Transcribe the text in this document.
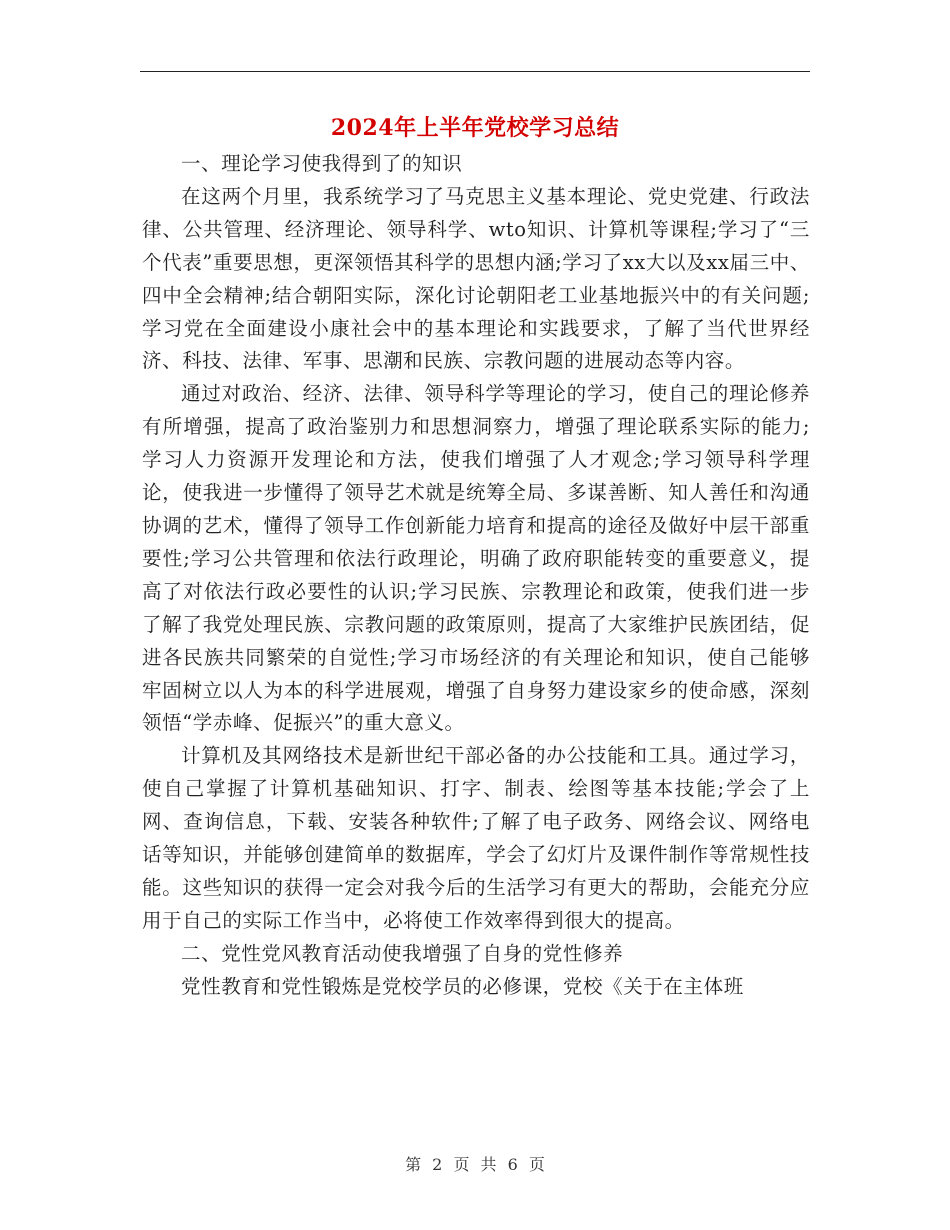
2024年上半年党校学习总结

一、理论学习使我得到了的知识

在这两个月里，我系统学习了马克思主义基本理论、党史党建、行政法律、公共管理、经济理论、领导科学、wto知识、计算机等课程;学习了“三个代表”重要思想，更深领悟其科学的思想内涵;学习了xx大以及xx届三中、四中全会精神;结合朝阳实际，深化讨论朝阳老工业基地振兴中的有关问题;学习党在全面建设小康社会中的基本理论和实践要求，了解了当代世界经济、科技、法律、军事、思潮和民族、宗教问题的进展动态等内容。

通过对政治、经济、法律、领导科学等理论的学习，使自己的理论修养有所增强，提高了政治鉴别力和思想洞察力，增强了理论联系实际的能力;学习人力资源开发理论和方法，使我们增强了人才观念;学习领导科学理论，使我进一步懂得了领导艺术就是统筹全局、多谋善断、知人善任和沟通协调的艺术，懂得了领导工作创新能力培育和提高的途径及做好中层干部重要性;学习公共管理和依法行政理论，明确了政府职能转变的重要意义，提高了对依法行政必要性的认识;学习民族、宗教理论和政策，使我们进一步了解了我党处理民族、宗教问题的政策原则，提高了大家维护民族团结，促进各民族共同繁荣的自觉性;学习市场经济的有关理论和知识，使自己能够牢固树立以人为本的科学进展观，增强了自身努力建设家乡的使命感，深刻领悟“学赤峰、促振兴”的重大意义。

计算机及其网络技术是新世纪干部必备的办公技能和工具。通过学习，使自己掌握了计算机基础知识、打字、制表、绘图等基本技能;学会了上网、查询信息，下载、安装各种软件;了解了电子政务、网络会议、网络电话等知识，并能够创建简单的数据库，学会了幻灯片及课件制作等常规性技能。这些知识的获得一定会对我今后的生活学习有更大的帮助，会能充分应用于自己的实际工作当中，必将使工作效率得到很大的提高。

二、党性党风教育活动使我增强了自身的党性修养

党性教育和党性锻炼是党校学员的必修课，党校《关于在主体班

第 2 页 共 6 页
